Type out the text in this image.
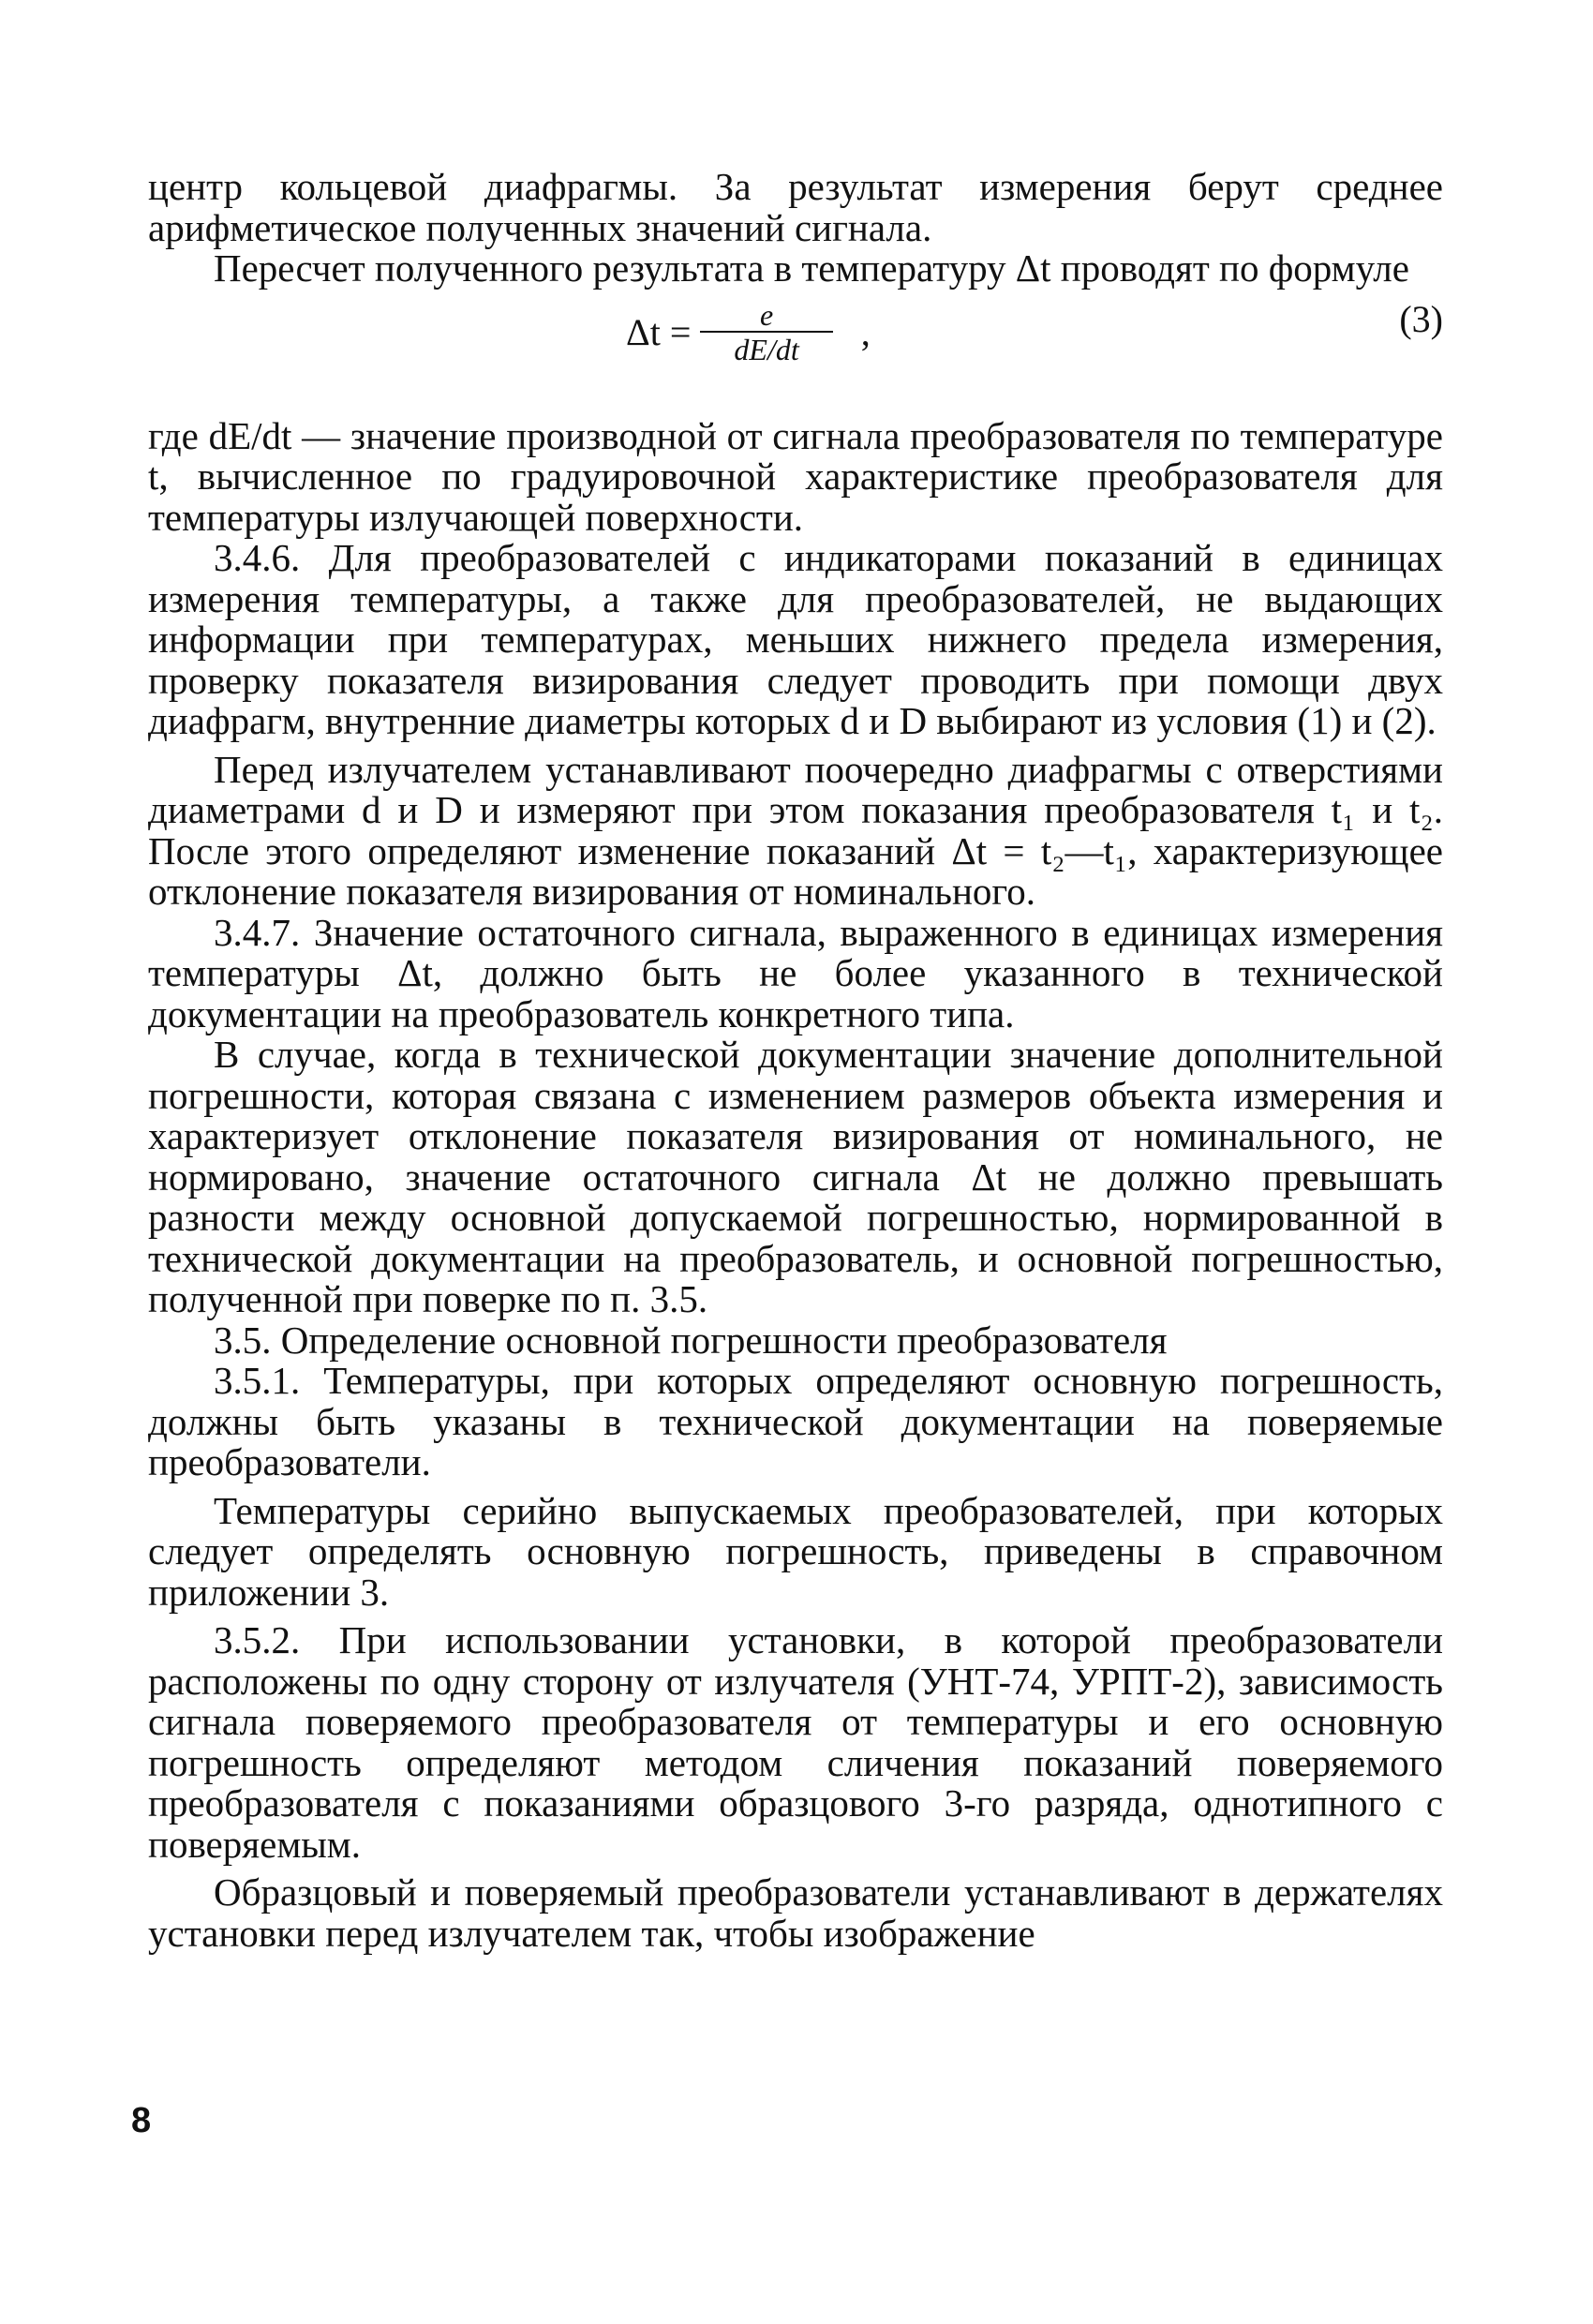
центр кольцевой диафрагмы. За результат измерения берут среднее арифметическое полученных значений сигнала.

Пересчет полученного результата в температуру Δt проводят по формуле

$\Delta t = \frac{e}{dE/dt}$ ,	(3)

где dE/dt — значение производной от сигнала преобразователя по температуре t, вычисленное по градуировочной характеристике преобразователя для температуры излучающей поверхности.

3.4.6. Для преобразователей с индикаторами показаний в единицах измерения температуры, а также для преобразователей, не выдающих информации при температурах, меньших нижнего предела измерения, проверку показателя визирования следует проводить при помощи двух диафрагм, внутренние диаметры которых d и D выбирают из условия (1) и (2).

Перед излучателем устанавливают поочередно диафрагмы с отверстиями диаметрами d и D и измеряют при этом показания преобразователя t₁ и t₂. После этого определяют изменение показаний Δt = t₂—t₁, характеризующее отклонение показателя визирования от номинального.

3.4.7. Значение остаточного сигнала, выраженного в единицах измерения температуры Δt, должно быть не более указанного в технической документации на преобразователь конкретного типа.

В случае, когда в технической документации значение дополнительной погрешности, которая связана с изменением размеров объекта измерения и характеризует отклонение показателя визирования от номинального, не нормировано, значение остаточного сигнала Δt не должно превышать разности между основной допускаемой погрешностью, нормированной в технической документации на преобразователь, и основной погрешностью, полученной при поверке по п. 3.5.

3.5. Определение основной погрешности преобразователя

3.5.1. Температуры, при которых определяют основную погрешность, должны быть указаны в технической документации на поверяемые преобразователи.

Температуры серийно выпускаемых преобразователей, при которых следует определять основную погрешность, приведены в справочном приложении 3.

3.5.2. При использовании установки, в которой преобразователи расположены по одну сторону от излучателя (УНТ-74, УРПТ-2), зависимость сигнала поверяемого преобразователя от температуры и его основную погрешность определяют методом сличения показаний поверяемого преобразователя с показаниями образцового 3-го разряда, однотипного с поверяемым.

Образцовый и поверяемый преобразователи устанавливают в держателях установки перед излучателем так, чтобы изображение

8
